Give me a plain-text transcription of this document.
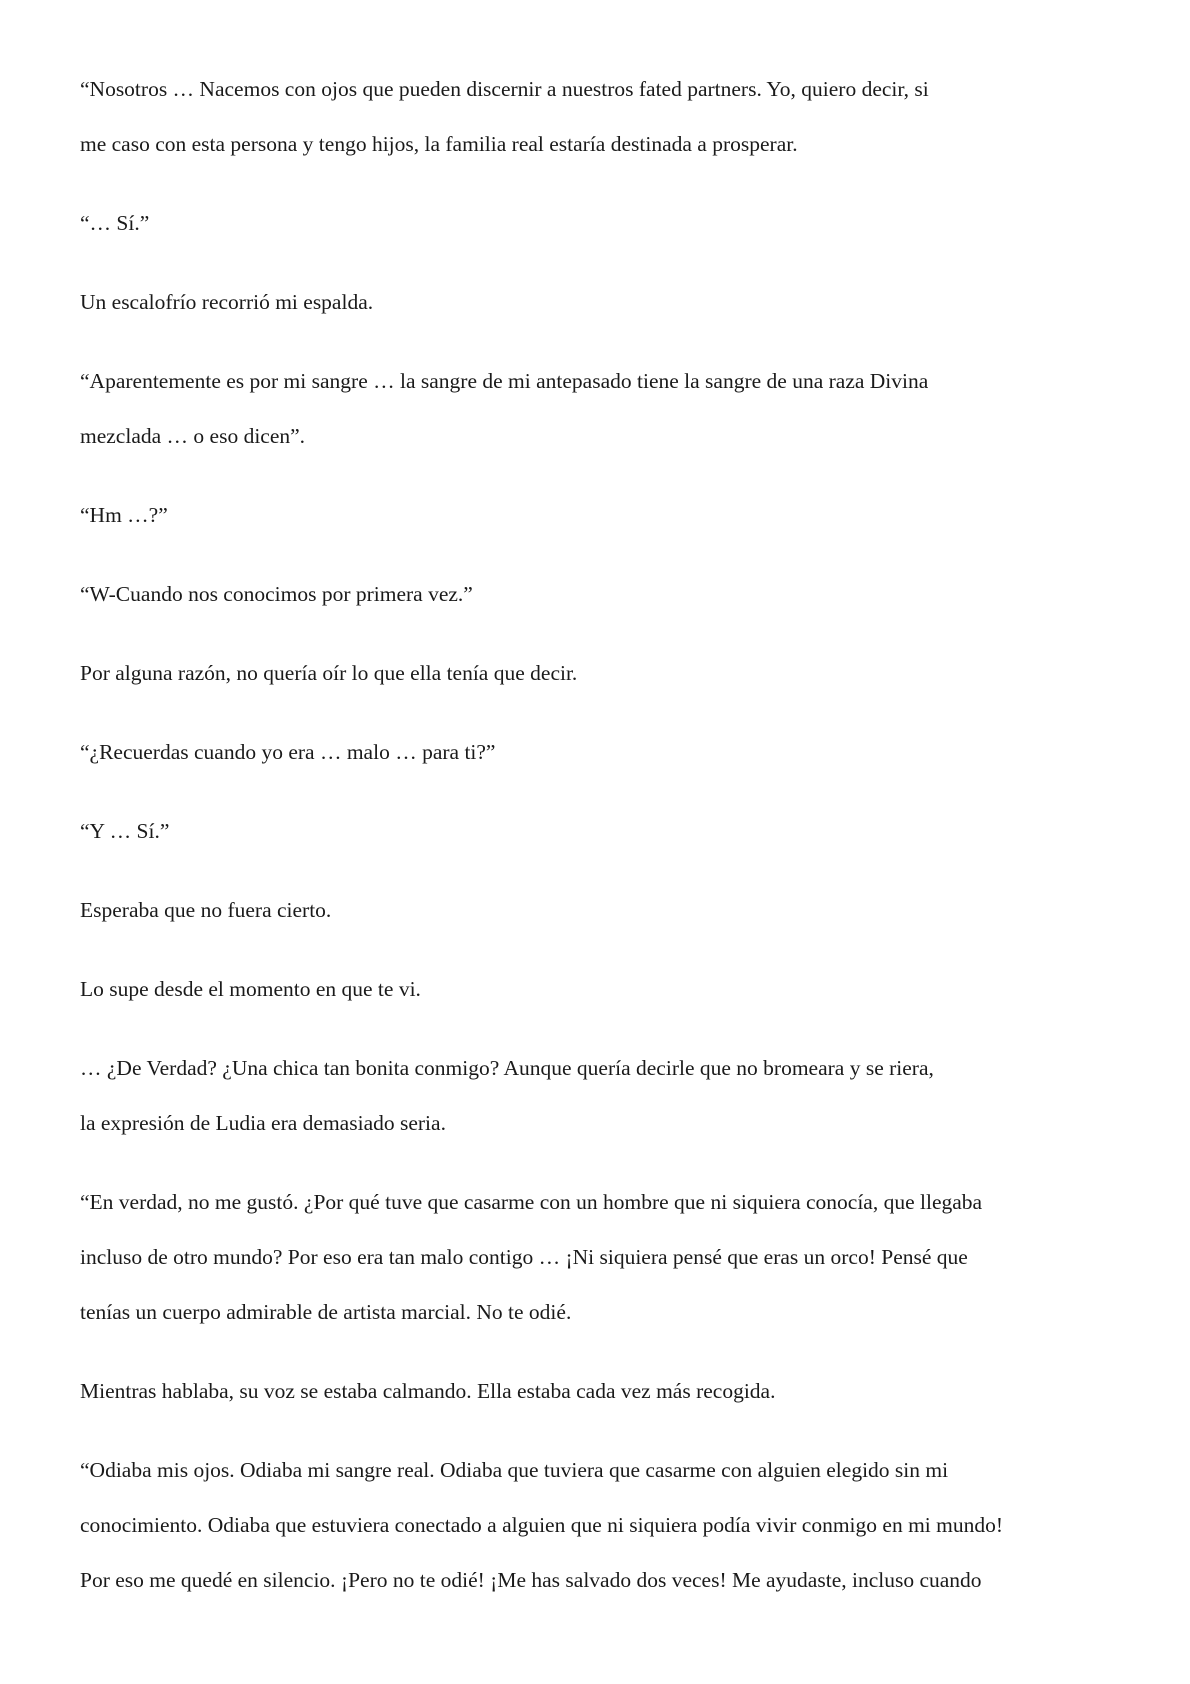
“Nosotros … Nacemos con ojos que pueden discernir a nuestros fated partners. Yo, quiero decir, si
me caso con esta persona y tengo hijos, la familia real estaría destinada a prosperar.

“… Sí.”

Un escalofrío recorrió mi espalda.

“Aparentemente es por mi sangre … la sangre de mi antepasado tiene la sangre de una raza Divina
mezclada … o eso dicen”.

“Hm …?”

“W-Cuando nos conocimos por primera vez.”

Por alguna razón, no quería oír lo que ella tenía que decir.

“¿Recuerdas cuando yo era … malo … para ti?”

“Y … Sí.”

Esperaba que no fuera cierto.

Lo supe desde el momento en que te vi.

… ¿De Verdad? ¿Una chica tan bonita conmigo? Aunque quería decirle que no bromeara y se riera,
la expresión de Ludia era demasiado seria.

“En verdad, no me gustó. ¿Por qué tuve que casarme con un hombre que ni siquiera conocía, que llegaba
incluso de otro mundo? Por eso era tan malo contigo … ¡Ni siquiera pensé que eras un orco! Pensé que
tenías un cuerpo admirable de artista marcial. No te odié.

Mientras hablaba, su voz se estaba calmando. Ella estaba cada vez más recogida.

“Odiaba mis ojos. Odiaba mi sangre real. Odiaba que tuviera que casarme con alguien elegido sin mi
conocimiento. Odiaba que estuviera conectado a alguien que ni siquiera podía vivir conmigo en mi mundo!
Por eso me quedé en silencio. ¡Pero no te odié! ¡Me has salvado dos veces! Me ayudaste, incluso cuando
